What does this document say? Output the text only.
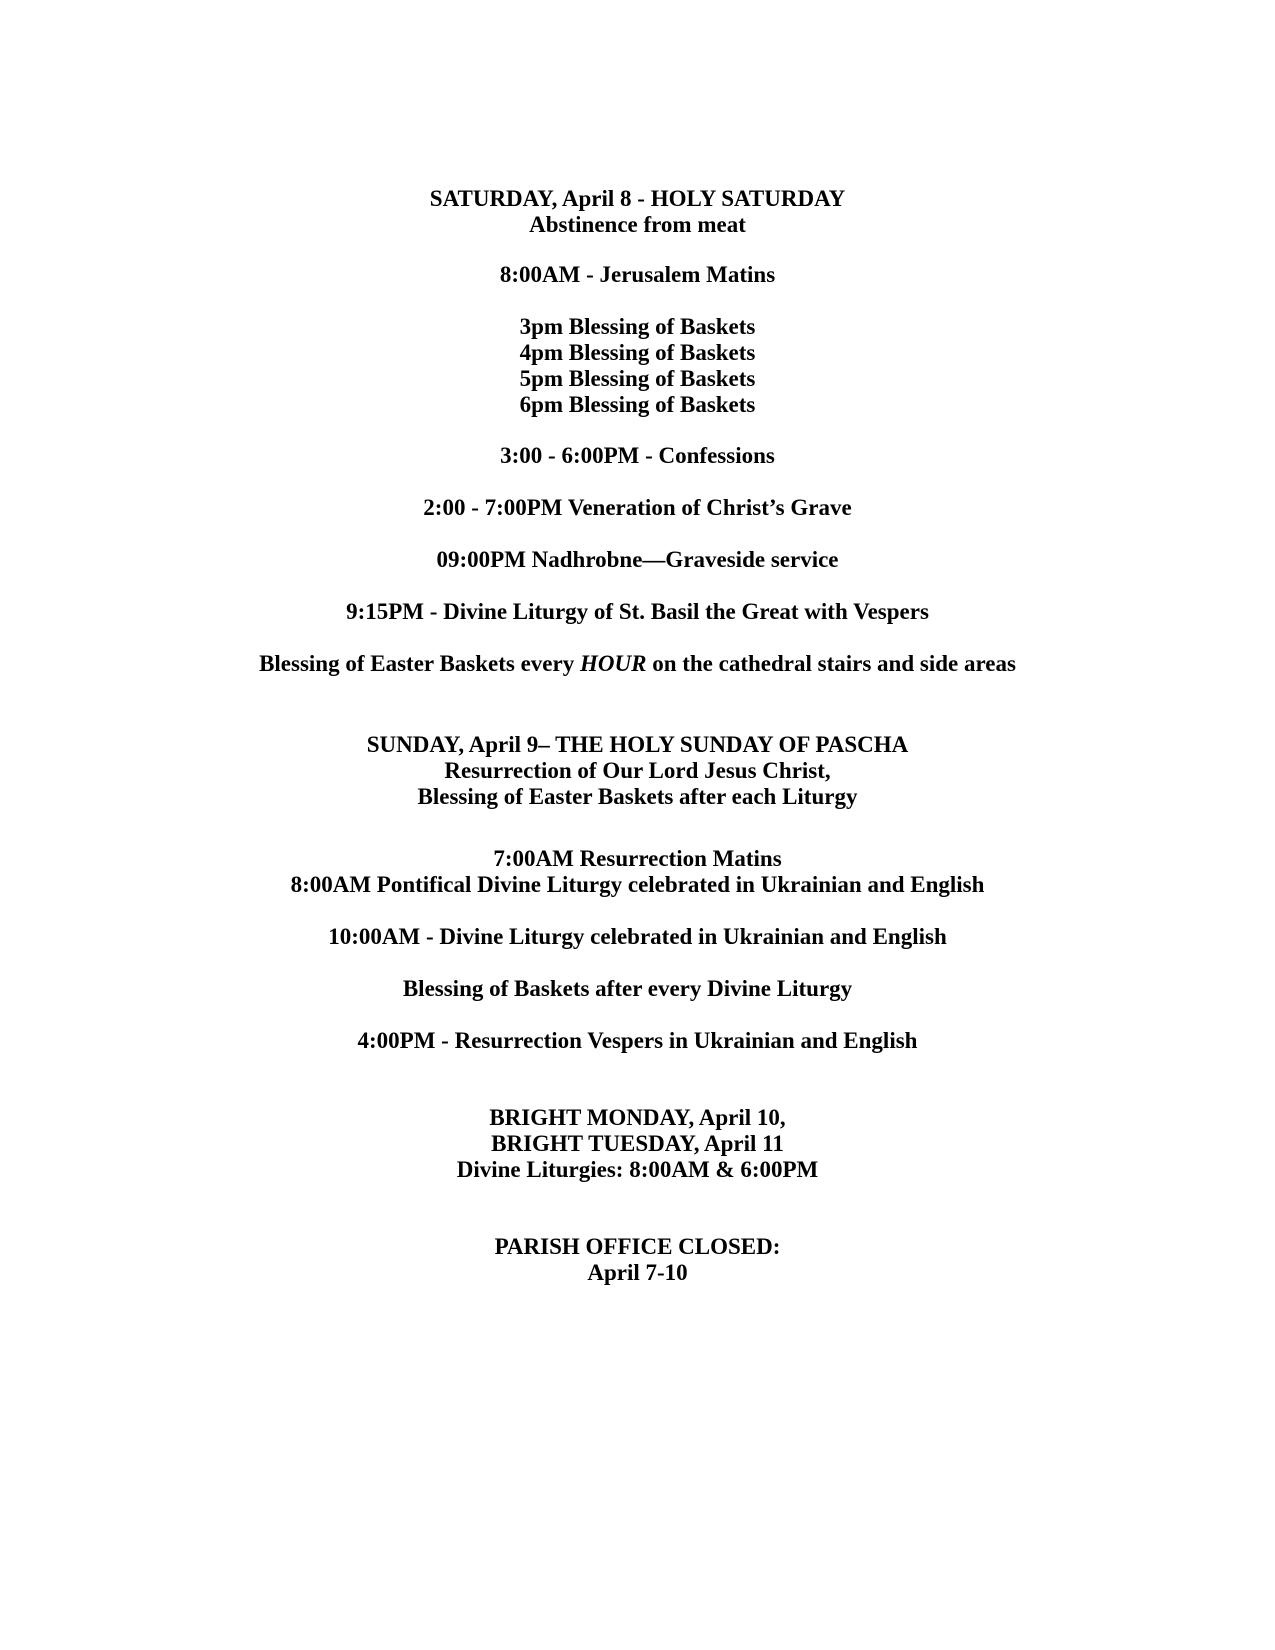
SATURDAY, April 8 - HOLY SATURDAY
Abstinence from meat
8:00AM - Jerusalem Matins
3pm Blessing of Baskets
4pm Blessing of Baskets
5pm Blessing of Baskets
6pm Blessing of Baskets
3:00 - 6:00PM - Confessions
2:00 - 7:00PM Veneration of Christ’s Grave
09:00PM Nadhrobne—Graveside service
9:15PM - Divine Liturgy of St. Basil the Great with Vespers
Blessing of Easter Baskets every HOUR on the cathedral stairs and side areas
SUNDAY, April 9– THE HOLY SUNDAY OF PASCHA
Resurrection of Our Lord Jesus Christ,
Blessing of Easter Baskets after each Liturgy
7:00AM Resurrection Matins
8:00AM Pontifical Divine Liturgy celebrated in Ukrainian and English
10:00AM - Divine Liturgy celebrated in Ukrainian and English
Blessing of Baskets after every Divine Liturgy
4:00PM - Resurrection Vespers in Ukrainian and English
BRIGHT MONDAY, April 10,
BRIGHT TUESDAY, April 11
Divine Liturgies: 8:00AM & 6:00PM
PARISH OFFICE CLOSED:
April 7-10
